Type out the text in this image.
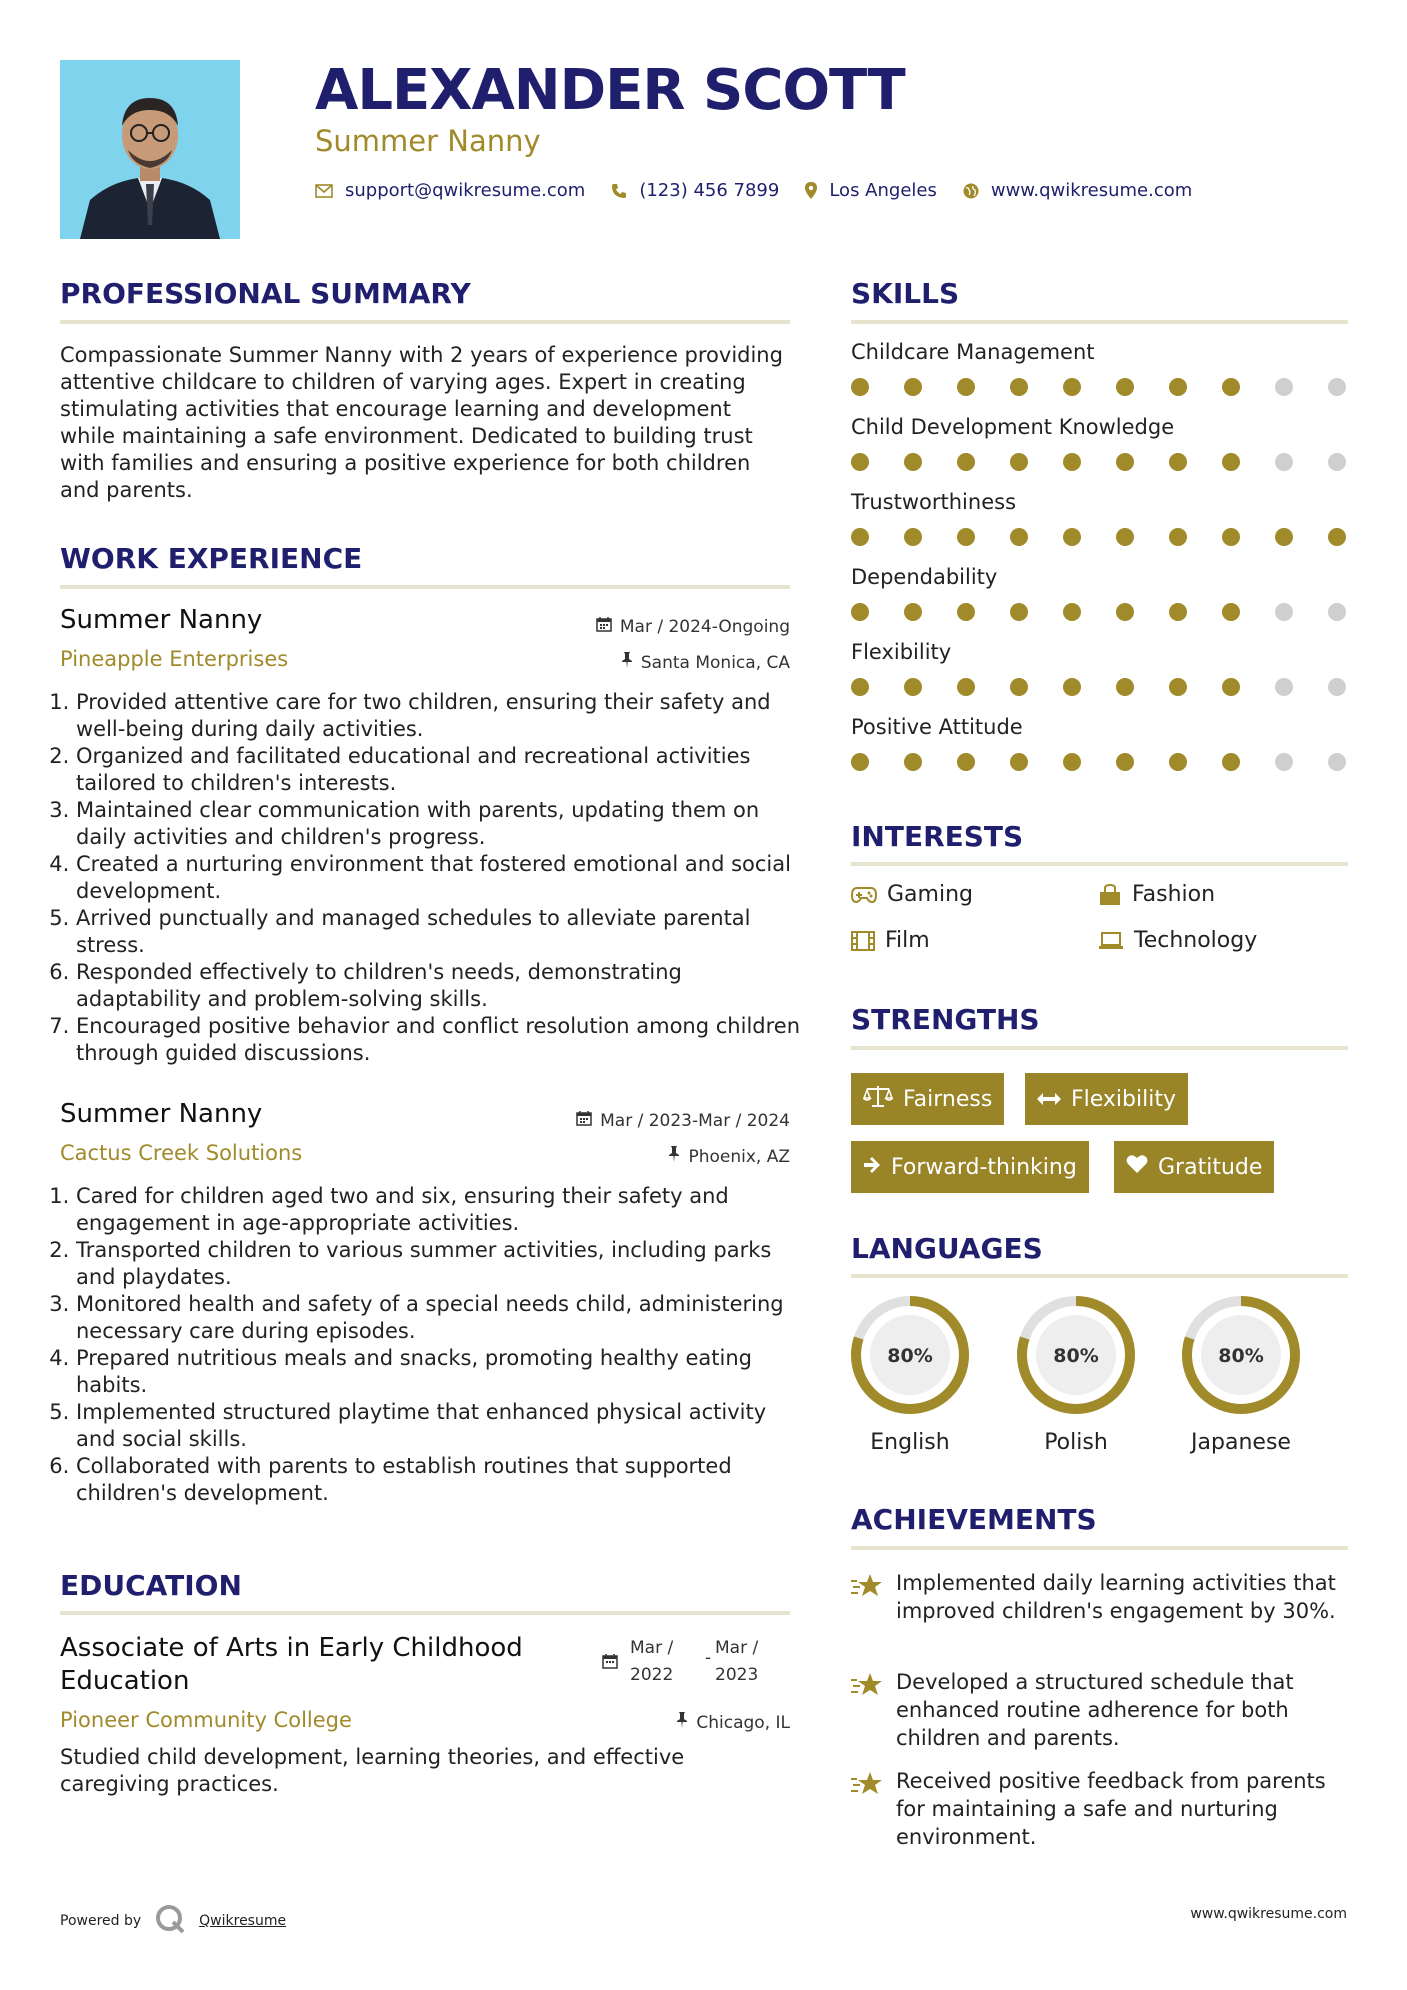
ALEXANDER SCOTT
Summer Nanny
support@qwikresume.com	(123) 456 7899	Los Angeles	www.qwikresume.com
PROFESSIONAL SUMMARY
Compassionate Summer Nanny with 2 years of experience providing attentive childcare to children of varying ages. Expert in creating stimulating activities that encourage learning and development while maintaining a safe environment. Dedicated to building trust with families and ensuring a positive experience for both children and parents.
WORK EXPERIENCE
Summer Nanny	Mar / 2024-Ongoing
Pineapple Enterprises	Santa Monica, CA
1. Provided attentive care for two children, ensuring their safety and well-being during daily activities.
2. Organized and facilitated educational and recreational activities tailored to children's interests.
3. Maintained clear communication with parents, updating them on daily activities and children's progress.
4. Created a nurturing environment that fostered emotional and social development.
5. Arrived punctually and managed schedules to alleviate parental stress.
6. Responded effectively to children's needs, demonstrating adaptability and problem-solving skills.
7. Encouraged positive behavior and conflict resolution among children through guided discussions.
Summer Nanny	Mar / 2023-Mar / 2024
Cactus Creek Solutions	Phoenix, AZ
1. Cared for children aged two and six, ensuring their safety and engagement in age-appropriate activities.
2. Transported children to various summer activities, including parks and playdates.
3. Monitored health and safety of a special needs child, administering necessary care during episodes.
4. Prepared nutritious meals and snacks, promoting healthy eating habits.
5. Implemented structured playtime that enhanced physical activity and social skills.
6. Collaborated with parents to establish routines that supported children's development.
EDUCATION
Associate of Arts in Early Childhood Education
Mar /
2022
- Mar /
2023
Pioneer Community College	Chicago, IL
Studied child development, learning theories, and effective caregiving practices.
SKILLS
Childcare Management
Child Development Knowledge
Trustworthiness
Dependability
Flexibility
Positive Attitude
INTERESTS
Gaming	Fashion
Film	Technology
STRENGTHS
Fairness	Flexibility
Forward-thinking	Gratitude
LANGUAGES
80%
English
80%
Polish
80%
Japanese
ACHIEVEMENTS
Implemented daily learning activities that improved children's engagement by 30%.
Developed a structured schedule that enhanced routine adherence for both children and parents.
Received positive feedback from parents for maintaining a safe and nurturing environment.
Powered by	Qwikresume	www.qwikresume.com
